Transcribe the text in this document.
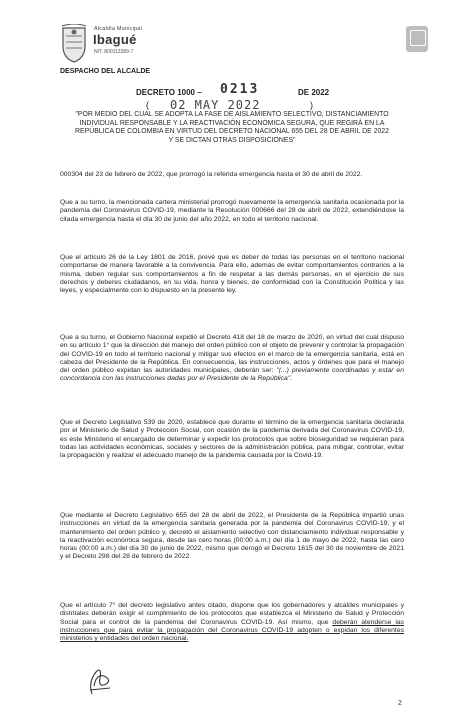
Alcaldía Municipal
Ibagué
NIT. 800113389-7
DESPACHO DEL ALCALDE
DECRETO 1000 – 0213	DE 2022
( 02 MAY 2022	)
"POR MEDIO DEL CUAL SE ADOPTA LA FASE DE AISLAMIENTO SELECTIVO, DISTANCIAMIENTO INDIVIDUAL RESPONSABLE Y LA REACTIVACIÓN ECONÓMICA SEGURA, QUE REGIRÁ EN LA REPÚBLICA DE COLOMBIA EN VIRTUD DEL DECRETO NACIONAL 655 DEL 28 DE ABRIL DE 2022 Y SE DICTAN OTRAS DISPOSICIONES"

000304 del 23 de febrero de 2022, que prorrogó la referida emergencia hasta el 30 de abril de 2022.

Que a su turno, la mencionada cartera ministerial prorrogó nuevamente la emergencia sanitaria ocasionada por la pandemia del Coronavirus COVID-19, mediante la Resolución 000666 del 28 de abril de 2022, extendiéndose la citada emergencia hasta el día 30 de junio del año 2022, en todo el territorio nacional.

Que el artículo 26 de la Ley 1801 de 2016, prevé que es deber de todas las personas en el territorio nacional comportarse de manera favorable a la convivencia. Para ello, además de evitar comportamientos contrarios a la misma, deben regular sus comportamientos a fin de respetar a las demás personas, en el ejercicio de sus derechos y deberes ciudadanos, en su vida, honra y bienes, de conformidad con la Constitución Política y las leyes, y especialmente con lo dispuesto en la presente ley.

Que a su turno, el Gobierno Nacional expidió el Decreto 418 del 18 de marzo de 2020, en virtud del cual dispuso en su artículo 1° que la dirección del manejo del orden público con el objeto de prevenir y controlar la propagación del COVID-19 en todo el territorio nacional y mitigar sus efectos en el marco de la emergencia sanitaria, está en cabeza del Presidente de la República. En consecuencia, las instrucciones, actos y órdenes que para el manejo del orden público expidan las autoridades municipales, deberán ser: "(...) previamente coordinadas y estar en concordancia con las instrucciones dadas por el Presidente de la República".

Que el Decreto Legislativo 539 de 2020, establece que durante el término de la emergencia sanitaria declarada por el Ministerio de Salud y Protección Social, con ocasión de la pandemia derivada del Coronavirus COVID-19, es este Ministerio el encargado de determinar y expedir los protocolos que sobre bioseguridad se requieran para todas las actividades económicas, sociales y sectores de la administración pública, para mitigar, controlar, evitar la propagación y realizar el adecuado manejo de la pandemia causada por la Covid-19.

Que mediante el Decreto Legislativo 655 del 28 de abril de 2022, el Presidente de la República impartió unas instrucciones en virtud de la emergencia sanitaria generada por la pandemia del Coronavirus COVID-19, y el mantenimiento del orden público y, decretó el aislamiento selectivo con distanciamiento individual responsable y la reactivación económica segura, desde las cero horas (00:00 a.m.) del día 1 de mayo de 2022, hasta las cero horas (00:00 a.m.) del día 30 de junio de 2022, mismo que derogó el Decreto 1615 del 30 de noviembre de 2021 y el Decreto 298 del 28 de febrero de 2022.

Que el artículo 7° del decreto legislativo antes citado, dispone que los gobernadores y alcaldes municipales y distritales deberán exigir el cumplimiento de los protocolos que establezca el Ministerio de Salud y Protección Social para el control de la pandemia del Coronavirus COVID-19. Así mismo, que deberán atenderse las instrucciones que para evitar la propagación del Coronavirus COVID-19 adopten o expidan los diferentes ministerios y entidades del orden nacional.

2
